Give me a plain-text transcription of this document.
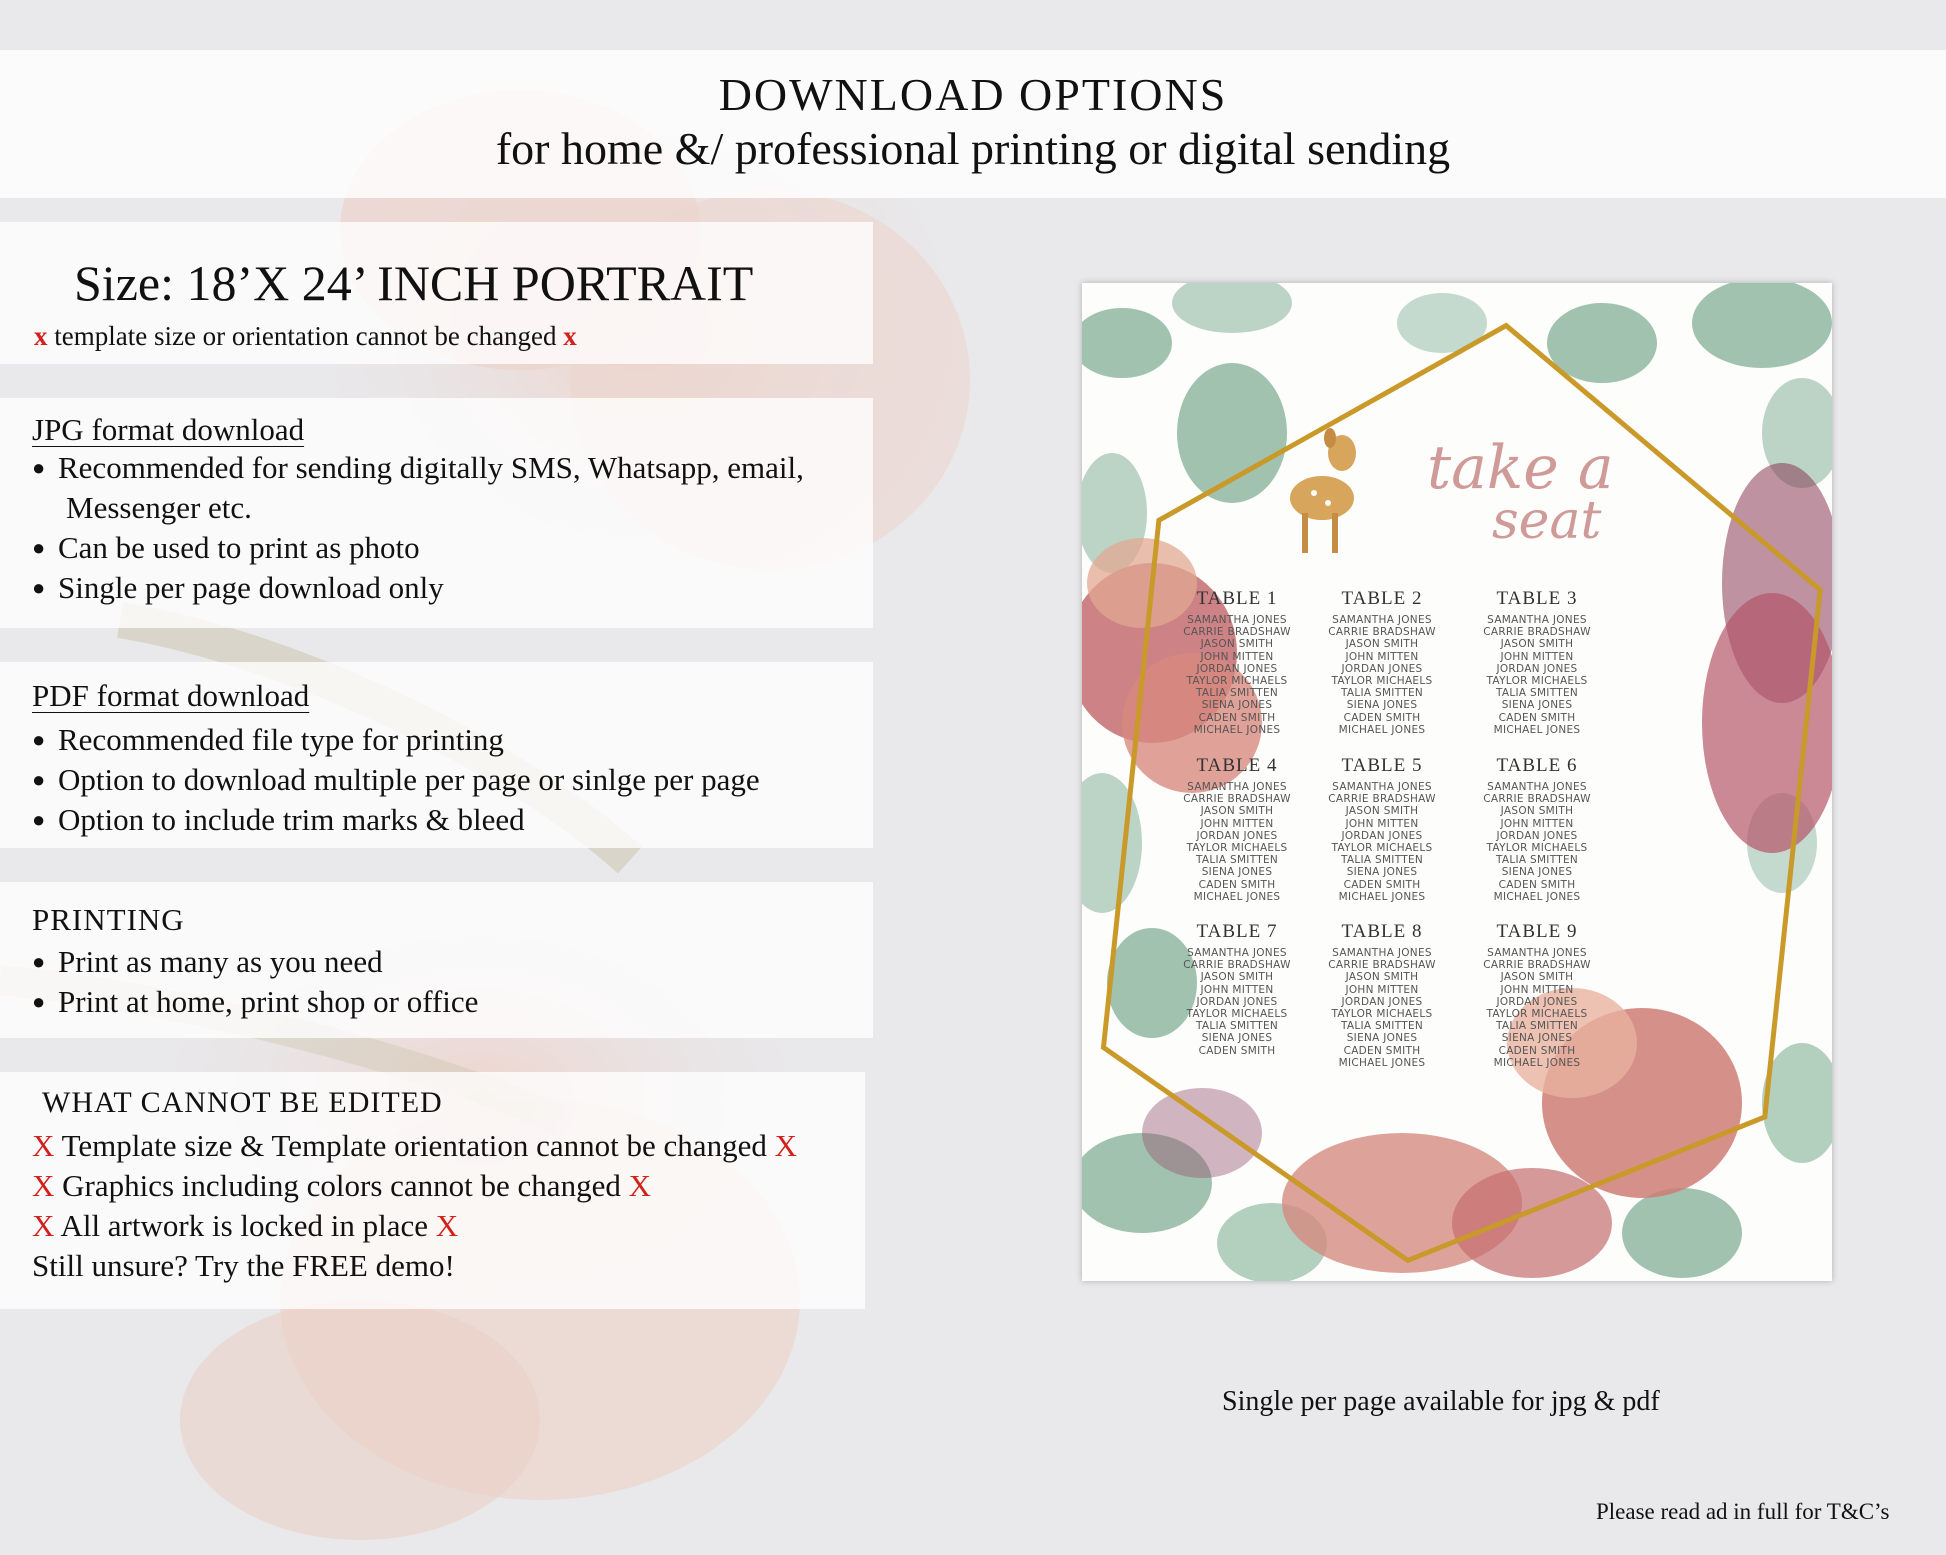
DOWNLOAD OPTIONS
for home &/ professional printing or digital sending
Size: 18’X 24’ INCH PORTRAIT
x template size or orientation cannot be changed x
JPG format download
● Recommended for sending digitally SMS, Whatsapp, email,
Messenger etc.
● Can be used to print as photo
● Single per page download only
PDF format download
● Recommended file type for printing
● Option to download multiple per page or sinlge per page
● Option to include trim marks & bleed
PRINTING
● Print as many as you need
● Print at home, print shop or office
WHAT CANNOT BE EDITED
X Template size & Template orientation cannot be changed X
X Graphics including colors cannot be changed X
X All artwork is locked in place X
Still unsure? Try the FREE demo!
take a
seat
TABLE 1
SAMANTHA JONES
CARRIE BRADSHAW
JASON SMITH
JOHN MITTEN
JORDAN JONES
TAYLOR MICHAELS
TALIA SMITTEN
SIENA JONES
CADEN SMITH
MICHAEL JONES
TABLE 2
SAMANTHA JONES
CARRIE BRADSHAW
JASON SMITH
JOHN MITTEN
JORDAN JONES
TAYLOR MICHAELS
TALIA SMITTEN
SIENA JONES
CADEN SMITH
MICHAEL JONES
TABLE 3
SAMANTHA JONES
CARRIE BRADSHAW
JASON SMITH
JOHN MITTEN
JORDAN JONES
TAYLOR MICHAELS
TALIA SMITTEN
SIENA JONES
CADEN SMITH
MICHAEL JONES
TABLE 4
SAMANTHA JONES
CARRIE BRADSHAW
JASON SMITH
JOHN MITTEN
JORDAN JONES
TAYLOR MICHAELS
TALIA SMITTEN
SIENA JONES
CADEN SMITH
MICHAEL JONES
TABLE 5
SAMANTHA JONES
CARRIE BRADSHAW
JASON SMITH
JOHN MITTEN
JORDAN JONES
TAYLOR MICHAELS
TALIA SMITTEN
SIENA JONES
CADEN SMITH
MICHAEL JONES
TABLE 6
SAMANTHA JONES
CARRIE BRADSHAW
JASON SMITH
JOHN MITTEN
JORDAN JONES
TAYLOR MICHAELS
TALIA SMITTEN
SIENA JONES
CADEN SMITH
MICHAEL JONES
TABLE 7
SAMANTHA JONES
CARRIE BRADSHAW
JASON SMITH
JOHN MITTEN
JORDAN JONES
TAYLOR MICHAELS
TALIA SMITTEN
SIENA JONES
CADEN SMITH
TABLE 8
SAMANTHA JONES
CARRIE BRADSHAW
JASON SMITH
JOHN MITTEN
JORDAN JONES
TAYLOR MICHAELS
TALIA SMITTEN
SIENA JONES
CADEN SMITH
MICHAEL JONES
TABLE 9
SAMANTHA JONES
CARRIE BRADSHAW
JASON SMITH
JOHN MITTEN
JORDAN JONES
TAYLOR MICHAELS
TALIA SMITTEN
SIENA JONES
CADEN SMITH
MICHAEL JONES
Single per page available for jpg & pdf
Please read ad in full for T&C’s
